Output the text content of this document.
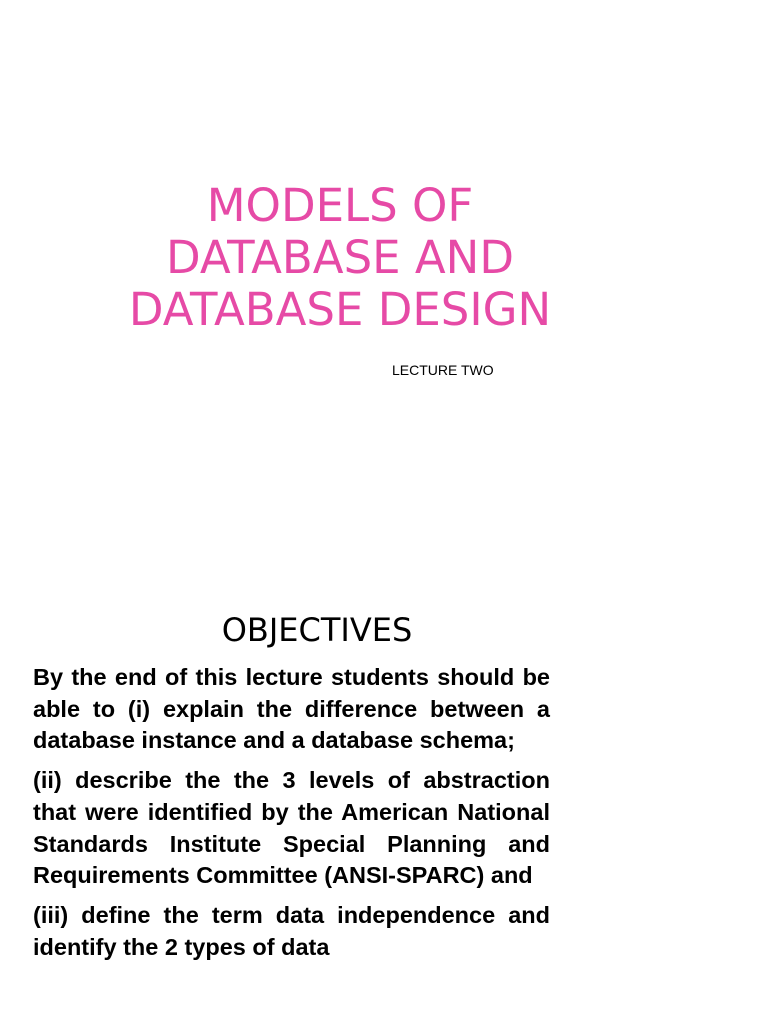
MODELS OF
DATABASE AND
DATABASE DESIGN

LECTURE TWO

OBJECTIVES

By the end of this lecture students should be able to (i) explain the difference between a database instance and a database schema;

(ii) describe the the 3 levels of abstraction that were identified by the American National Standards Institute Special Planning and Requirements Committee (ANSI-SPARC) and

(iii) define the term data independence and identify the 2 types of data
